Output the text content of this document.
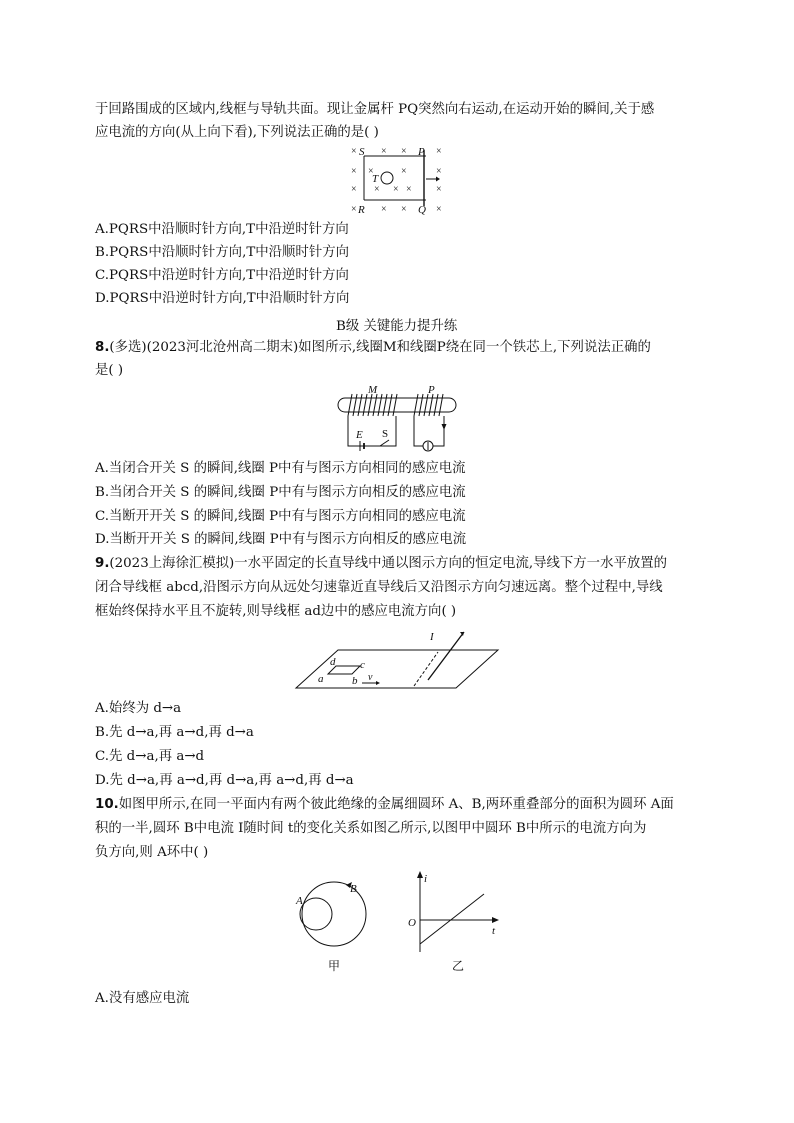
于回路围成的区域内,线框与导轨共面。现让金属杆 PQ突然向右运动,在运动开始的瞬间,关于感
应电流的方向(从上向下看),下列说法正确的是( )
× × ×	×
× ×	×	×
× × × × ×
× × ×	×
S	P
R	Q
T
A.PQRS中沿顺时针方向,T中沿逆时针方向
B.PQRS中沿顺时针方向,T中沿顺时针方向
C.PQRS中沿逆时针方向,T中沿逆时针方向
D.PQRS中沿逆时针方向,T中沿顺时针方向
B级 关键能力提升练
8.(多选)(2023河北沧州高二期末)如图所示,线圈M和线圈P绕在同一个铁芯上,下列说法正确的
是( )
M	P
E S
A.当闭合开关 S 的瞬间,线圈 P中有与图示方向相同的感应电流
B.当闭合开关 S 的瞬间,线圈 P中有与图示方向相反的感应电流
C.当断开开关 S 的瞬间,线圈 P中有与图示方向相同的感应电流
D.当断开开关 S 的瞬间,线圈 P中有与图示方向相反的感应电流
9.(2023上海徐汇模拟)一水平固定的长直导线中通以图示方向的恒定电流,导线下方一水平放置的
闭合导线框 abcd,沿图示方向从远处匀速靠近直导线后又沿图示方向匀速远离。整个过程中,导线
框始终保持水平且不旋转,则导线框 ad边中的感应电流方向( )
I
a	b
c
d
v
A.始终为 d→a
B.先 d→a,再 a→d,再 d→a
C.先 d→a,再 a→d
D.先 d→a,再 a→d,再 d→a,再 a→d,再 d→a
10.如图甲所示,在同一平面内有两个彼此绝缘的金属细圆环 A、B,两环重叠部分的面积为圆环 A面
积的一半,圆环 B中电流 I随时间 t的变化关系如图乙所示,以图甲中圆环 B中所示的电流方向为
负方向,则 A环中( )
A
B
甲
i
O
t
乙
A.没有感应电流
